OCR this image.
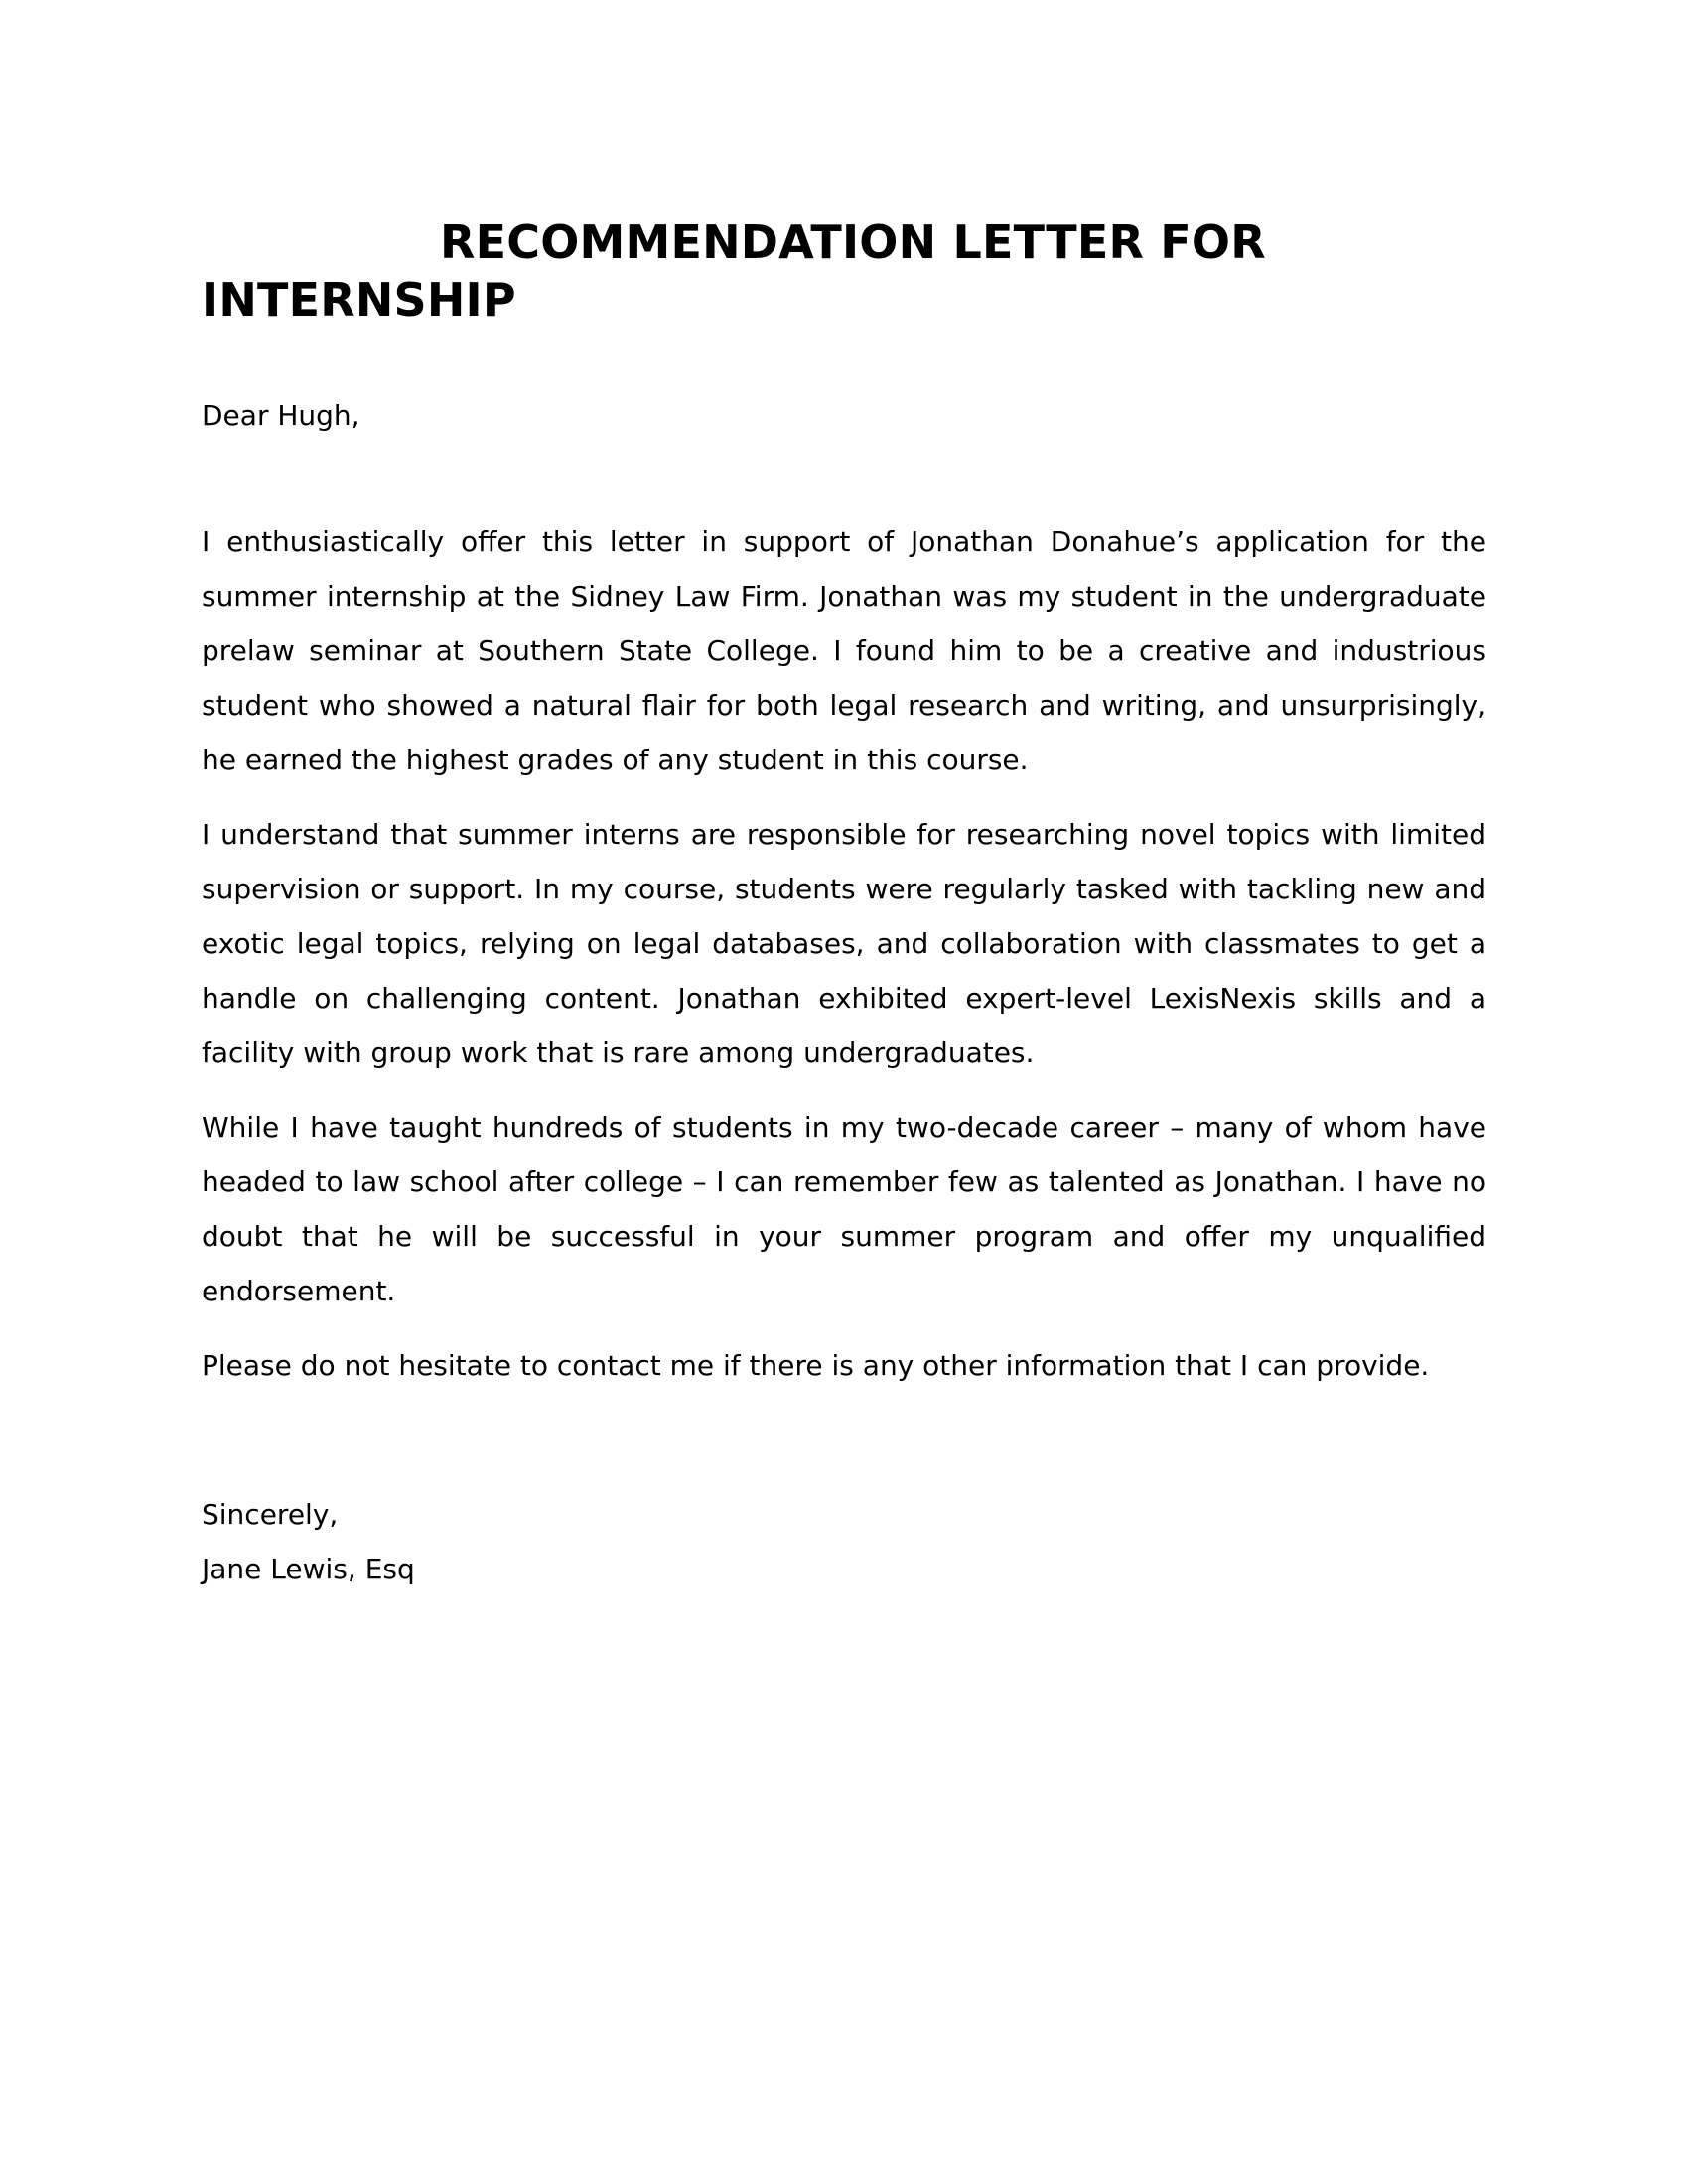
RECOMMENDATION LETTER FOR INTERNSHIP

Dear Hugh,

I enthusiastically offer this letter in support of Jonathan Donahue’s application for the summer internship at the Sidney Law Firm. Jonathan was my student in the undergraduate prelaw seminar at Southern State College. I found him to be a creative and industrious student who showed a natural flair for both legal research and writing, and unsurprisingly, he earned the highest grades of any student in this course.

I understand that summer interns are responsible for researching novel topics with limited supervision or support. In my course, students were regularly tasked with tackling new and exotic legal topics, relying on legal databases, and collaboration with classmates to get a handle on challenging content. Jonathan exhibited expert-level LexisNexis skills and a facility with group work that is rare among undergraduates.

While I have taught hundreds of students in my two-decade career – many of whom have headed to law school after college – I can remember few as talented as Jonathan. I have no doubt that he will be successful in your summer program and offer my unqualified endorsement.

Please do not hesitate to contact me if there is any other information that I can provide.

Sincerely,

Jane Lewis, Esq
